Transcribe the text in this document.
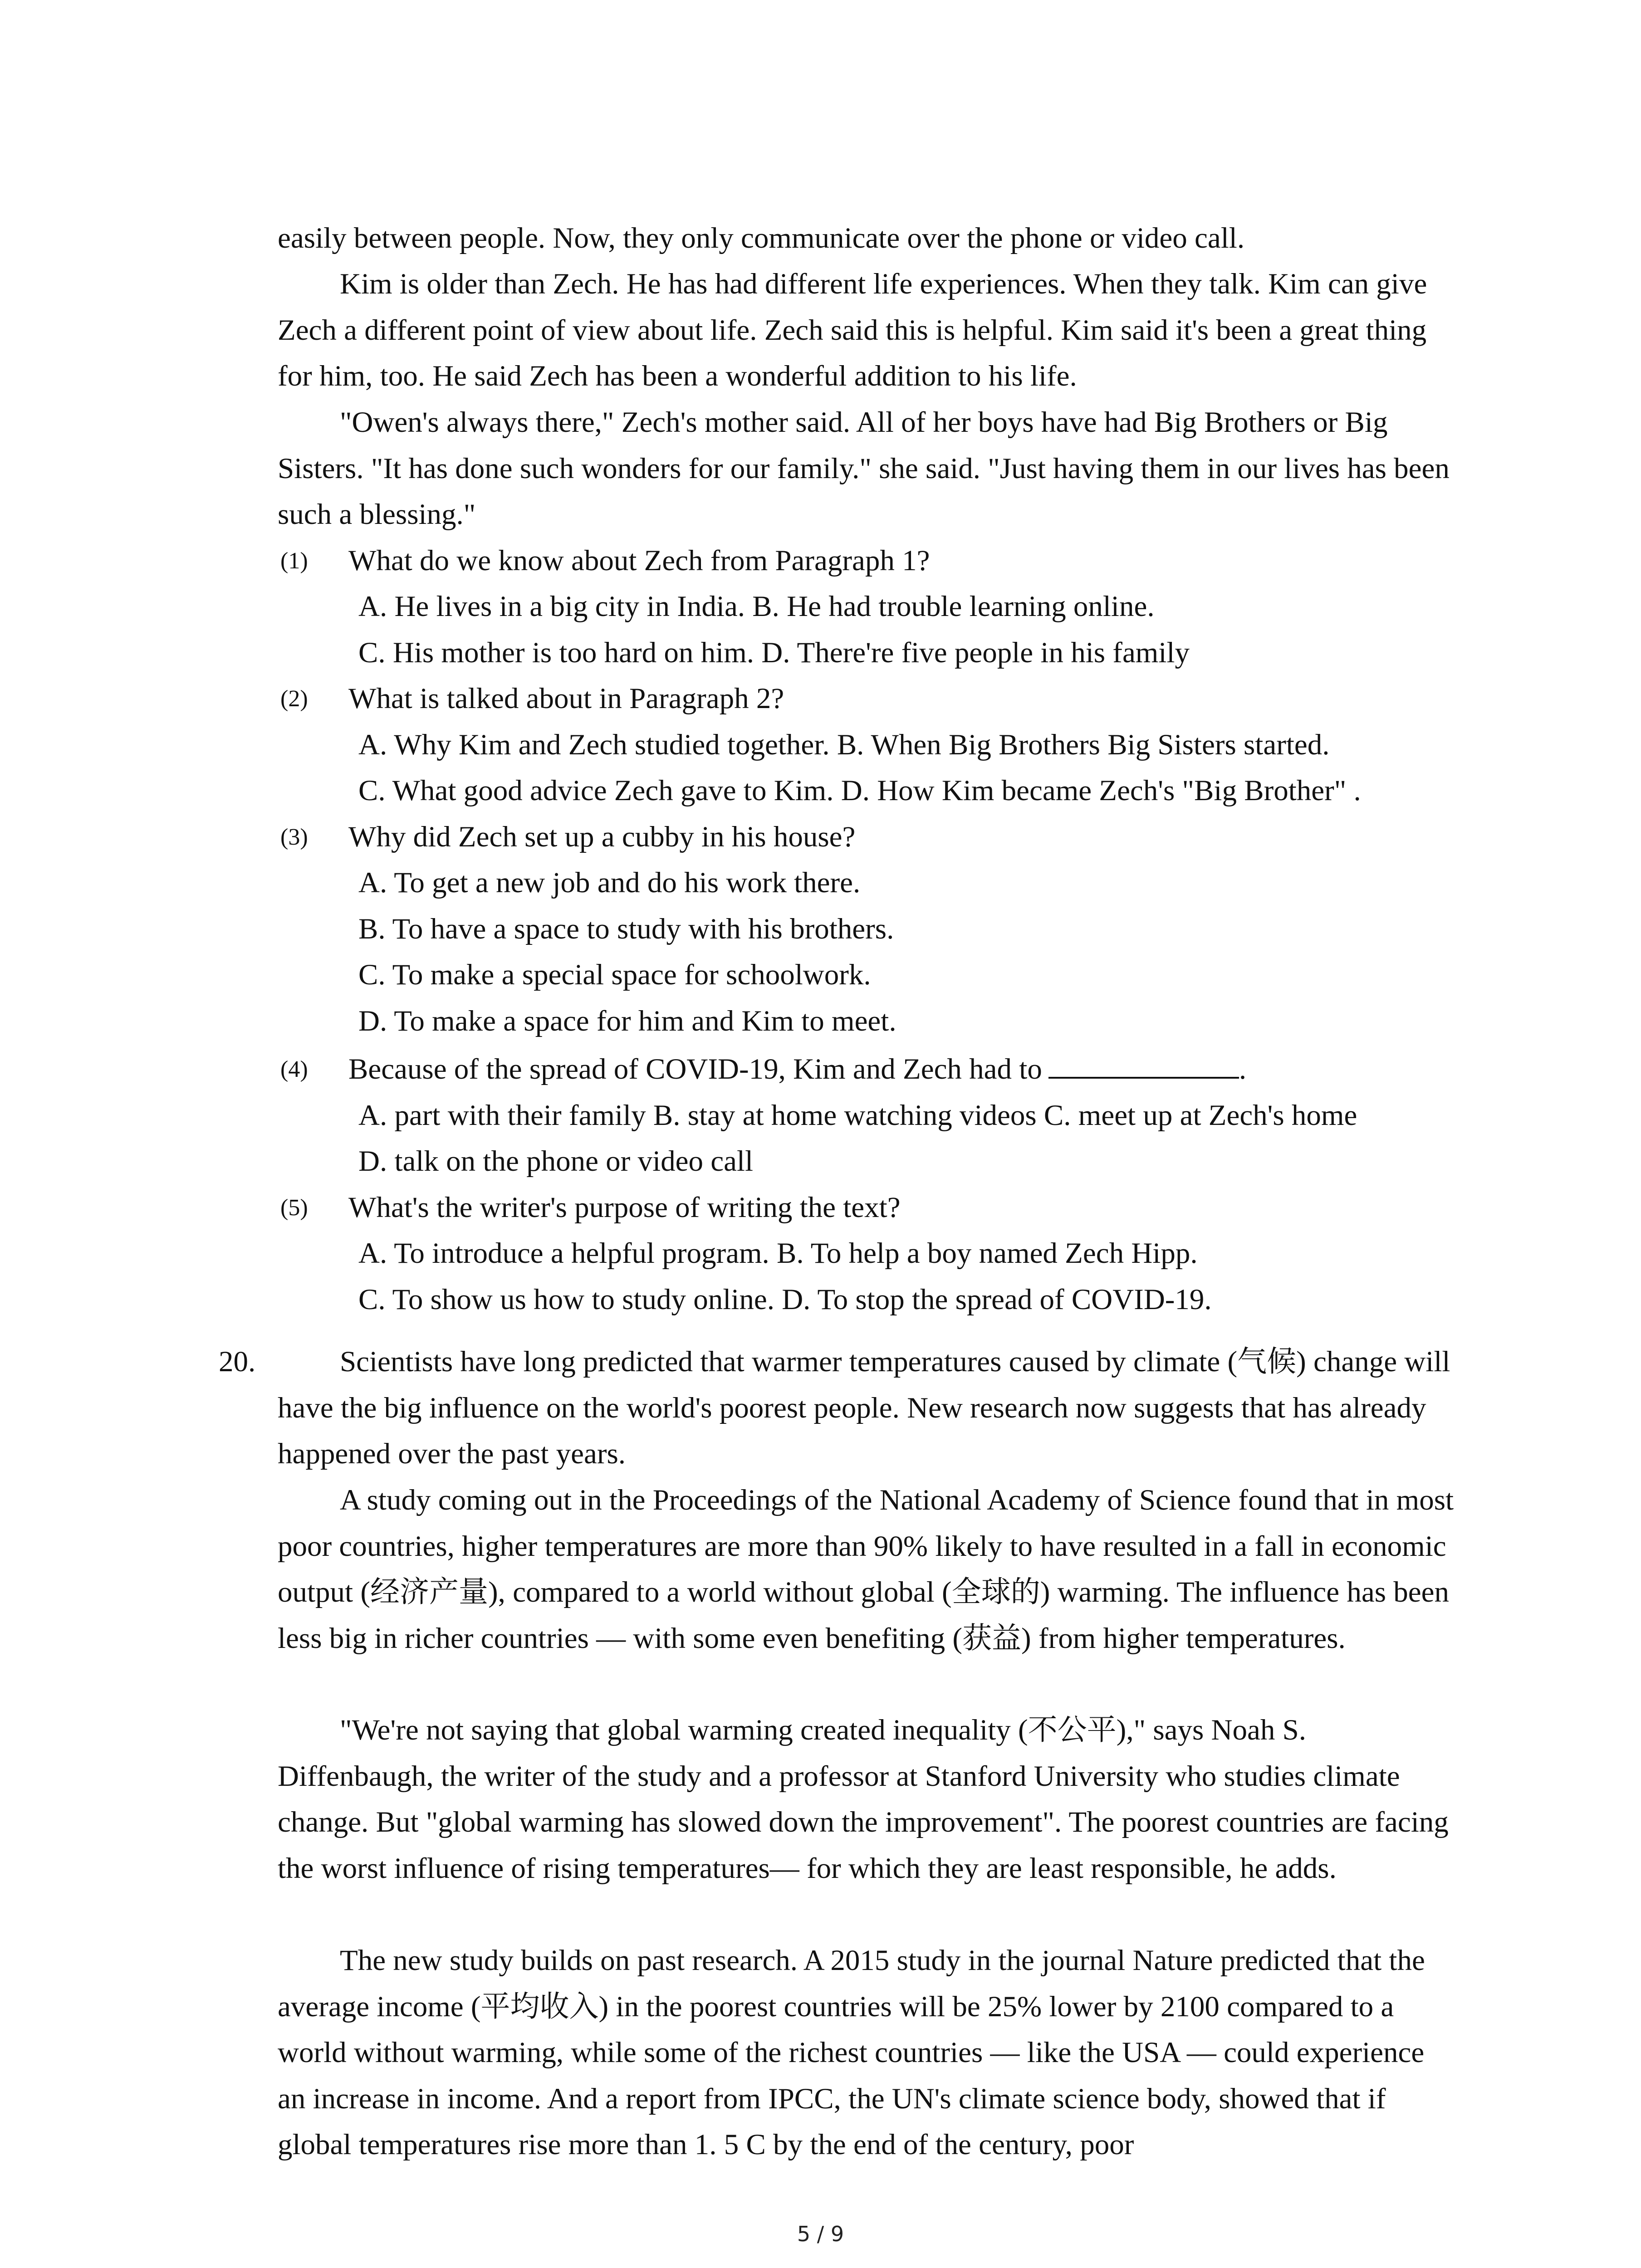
easily between people. Now, they only communicate over the phone or video call.

Kim is older than Zech. He has had different life experiences. When they talk. Kim can give Zech a different point of view about life. Zech said this is helpful. Kim said it's been a great thing for him, too. He said Zech has been a wonderful addition to his life.

"Owen's always there," Zech's mother said. All of her boys have had Big Brothers or Big Sisters. "It has done such wonders for our family." she said. "Just having them in our lives has been such a blessing."

(1) What do we know about Zech from Paragraph 1?
A. He lives in a big city in India. B. He had trouble learning online.
C. His mother is too hard on him. D. There're five people in his family
(2) What is talked about in Paragraph 2?
A. Why Kim and Zech studied together. B. When Big Brothers Big Sisters started.
C. What good advice Zech gave to Kim. D. How Kim became Zech's "Big Brother" .
(3) Why did Zech set up a cubby in his house?
A. To get a new job and do his work there.
B. To have a space to study with his brothers.
C. To make a special space for schoolwork.
D. To make a space for him and Kim to meet.
(4) Because of the spread of COVID-19, Kim and Zech had to	.
A. part with their family B. stay at home watching videos C. meet up at Zech's home
D. talk on the phone or video call
(5) What's the writer's purpose of writing the text?
A. To introduce a helpful program. B. To help a boy named Zech Hipp.
C. To show us how to study online. D. To stop the spread of COVID-19.
20.	Scientists have long predicted that warmer temperatures caused by climate (气候) change will have the big influence on the world's poorest people. New research now suggests that has already happened over the past years.

A study coming out in the Proceedings of the National Academy of Science found that in most poor countries, higher temperatures are more than 90% likely to have resulted in a fall in economic output (经济产量), compared to a world without global (全球的) warming. The influence has been less big in richer countries — with some even benefiting (获益) from higher temperatures.

"We're not saying that global warming created inequality (不公平)," says Noah S. Diffenbaugh, the writer of the study and a professor at Stanford University who studies climate change. But "global warming has slowed down the improvement". The poorest countries are facing the worst influence of rising temperatures— for which they are least responsible, he adds.

The new study builds on past research. A 2015 study in the journal Nature predicted that the average income (平均收入) in the poorest countries will be 25% lower by 2100 compared to a world without warming, while some of the richest countries — like the USA — could experience an increase in income. And a report from IPCC, the UN's climate science body, showed that if global temperatures rise more than 1. 5 C by the end of the century, poor

5 / 9
